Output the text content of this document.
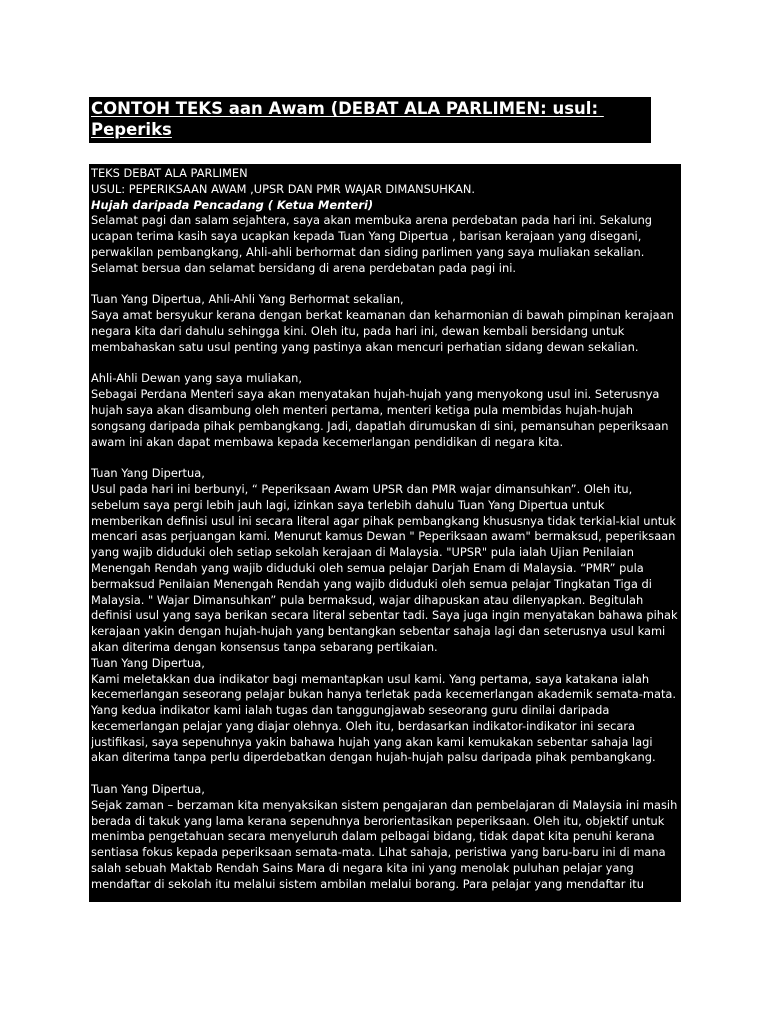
CONTOH TEKS aan Awam (DEBAT ALA PARLIMEN: usul: Peperiks
UPSR dan PMR )wajar dimansuhkan.
TEKS DEBAT ALA PARLIMEN
USUL: PEPERIKSAAN AWAM ,UPSR DAN PMR WAJAR DIMANSUHKAN.
Hujah daripada Pencadang ( Ketua Menteri)
Selamat pagi dan salam sejahtera, saya akan membuka arena perdebatan pada hari ini. Sekalung
ucapan terima kasih saya ucapkan kepada Tuan Yang Dipertua , barisan kerajaan yang disegani,
perwakilan pembangkang, Ahli-ahli berhormat dan siding parlimen yang saya muliakan sekalian.
Selamat bersua dan selamat bersidang di arena perdebatan pada pagi ini.
Tuan Yang Dipertua, Ahli-Ahli Yang Berhormat sekalian,
Saya amat bersyukur kerana dengan berkat keamanan dan keharmonian di bawah pimpinan kerajaan
negara kita dari dahulu sehingga kini. Oleh itu, pada hari ini, dewan kembali bersidang untuk
membahaskan satu usul penting yang pastinya akan mencuri perhatian sidang dewan sekalian.
Ahli-Ahli Dewan yang saya muliakan,
Sebagai Perdana Menteri saya akan menyatakan hujah-hujah yang menyokong usul ini. Seterusnya
hujah saya akan disambung oleh menteri pertama, menteri ketiga pula membidas hujah-hujah
songsang daripada pihak pembangkang. Jadi, dapatlah dirumuskan di sini, pemansuhan peperiksaan
awam ini akan dapat membawa kepada kecemerlangan pendidikan di negara kita.
Tuan Yang Dipertua,
Usul pada hari ini berbunyi, “ Peperiksaan Awam UPSR dan PMR wajar dimansuhkan”. Oleh itu,
sebelum saya pergi lebih jauh lagi, izinkan saya terlebih dahulu Tuan Yang Dipertua untuk
memberikan definisi usul ini secara literal agar pihak pembangkang khususnya tidak terkial-kial untuk
mencari asas perjuangan kami. Menurut kamus Dewan " Peperiksaan awam" bermaksud, peperiksaan
yang wajib diduduki oleh setiap sekolah kerajaan di Malaysia. "UPSR" pula ialah Ujian Penilaian
Menengah Rendah yang wajib diduduki oleh semua pelajar Darjah Enam di Malaysia. “PMR” pula
bermaksud Penilaian Menengah Rendah yang wajib diduduki oleh semua pelajar Tingkatan Tiga di
Malaysia. " Wajar Dimansuhkan” pula bermaksud, wajar dihapuskan atau dilenyapkan. Begitulah
definisi usul yang saya berikan secara literal sebentar tadi. Saya juga ingin menyatakan bahawa pihak
kerajaan yakin dengan hujah-hujah yang bentangkan sebentar sahaja lagi dan seterusnya usul kami
akan diterima dengan konsensus tanpa sebarang pertikaian.
Tuan Yang Dipertua,
Kami meletakkan dua indikator bagi memantapkan usul kami. Yang pertama, saya katakana ialah
kecemerlangan seseorang pelajar bukan hanya terletak pada kecemerlangan akademik semata-mata.
Yang kedua indikator kami ialah tugas dan tanggungjawab seseorang guru dinilai daripada
kecemerlangan pelajar yang diajar olehnya. Oleh itu, berdasarkan indikator-indikator ini secara
justifikasi, saya sepenuhnya yakin bahawa hujah yang akan kami kemukakan sebentar sahaja lagi
akan diterima tanpa perlu diperdebatkan dengan hujah-hujah palsu daripada pihak pembangkang.
Tuan Yang Dipertua,
Sejak zaman – berzaman kita menyaksikan sistem pengajaran dan pembelajaran di Malaysia ini masih
berada di takuk yang lama kerana sepenuhnya berorientasikan peperiksaan. Oleh itu, objektif untuk
menimba pengetahuan secara menyeluruh dalam pelbagai bidang, tidak dapat kita penuhi kerana
sentiasa fokus kepada peperiksaan semata-mata. Lihat sahaja, peristiwa yang baru-baru ini di mana
salah sebuah Maktab Rendah Sains Mara di negara kita ini yang menolak puluhan pelajar yang
mendaftar di sekolah itu melalui sistem ambilan melalui borang. Para pelajar yang mendaftar itu
